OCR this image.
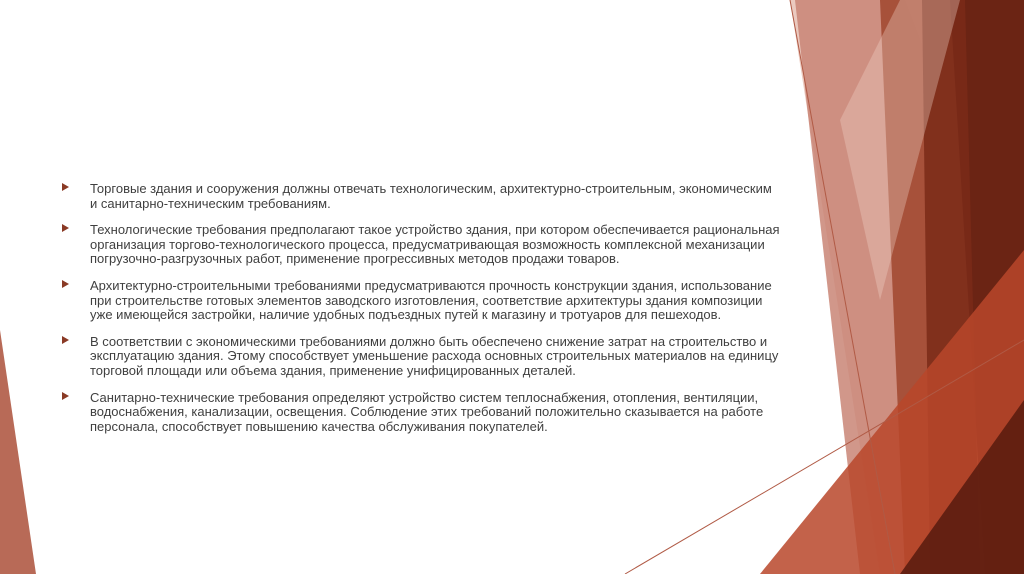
Торговые здания и сооружения должны отвечать технологическим, архитектурно-строительным, экономическим и санитарно-техническим требованиям.
Технологические требования предполагают такое устройство здания, при котором обеспечивается рациональная организация торгово-технологического процесса, предусматривающая возможность комплексной механизации погрузочно-разгрузочных работ, применение прогрессивных методов продажи товаров.
Архитектурно-строительными требованиями предусматриваются прочность конструкции здания, использование при строительстве готовых элементов заводского изготовления, соответствие архитектуры здания композиции уже имеющейся застройки, наличие удобных подъездных путей к магазину и тротуаров для пешеходов.
В соответствии с экономическими требованиями должно быть обеспечено снижение затрат на строительство и эксплуатацию здания. Этому способствует уменьшение расхода основных строительных материалов на единицу торговой площади или объема здания, применение унифицированных деталей.
Санитарно-технические требования определяют устройство систем теплоснабжения, отопления, вентиляции, водоснабжения, канализации, освещения. Соблюдение этих требований положительно сказывается на работе персонала, способствует повышению качества обслуживания покупателей.
